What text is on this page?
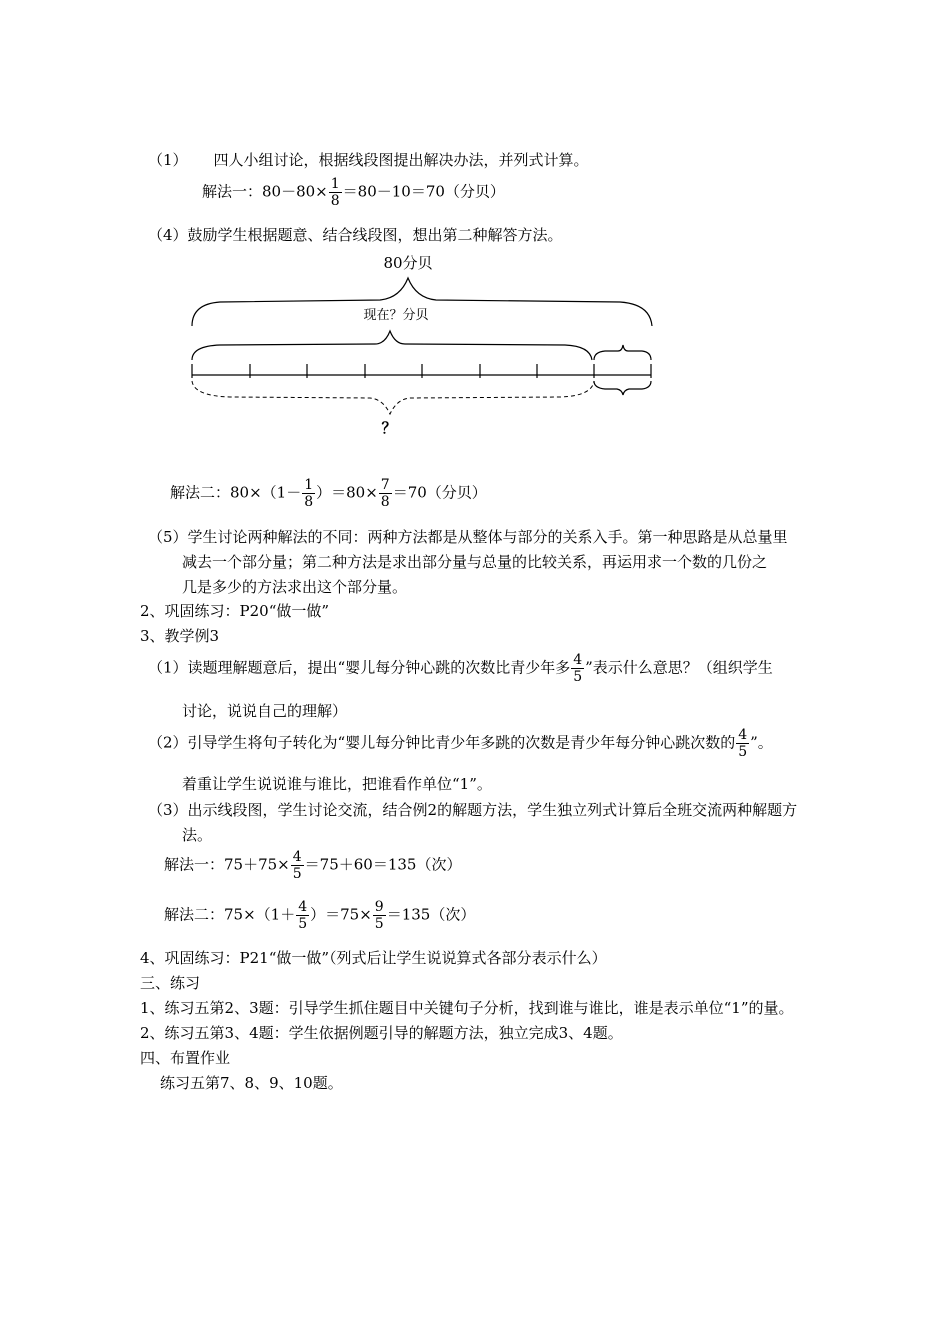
（1） 四人小组讨论，根据线段图提出解决办法，并列式计算。
解法一：$80-80\times \frac{1}{8} =80-10=70$（分贝）
（4）鼓励学生根据题意、结合线段图，想出第二种解答方法。
80分贝
现在？分贝
？
解法二：$80\times(1- \frac{1}{8} )=80\times \frac{7}{8} =70$（分贝）
（5）学生讨论两种解法的不同：两种方法都是从整体与部分的关系入手。第一种思路是从总量里
减去一个部分量；第二种方法是求出部分量与总量的比较关系，再运用求一个数的几份之
几是多少的方法求出这个部分量。
2、巩固练习：P20“做一做”
3、教学例3
（1）读题理解题意后，提出“婴儿每分钟心跳的次数比青少年多 $\frac{4}{5}$ ”表示什么意思？（组织学生
讨论，说说自己的理解）
（2）引导学生将句子转化为“婴儿每分钟比青少年多跳的次数是青少年每分钟心跳次数的 $\frac{4}{5}$ ”。
着重让学生说说谁与谁比，把谁看作单位“1”。
（3）出示线段图，学生讨论交流，结合例2的解题方法，学生独立列式计算后全班交流两种解题方
法。
解法一：$75+75\times \frac{4}{5} =75+60=135$（次）
解法二：$75\times(1+ \frac{4}{5} )=75\times \frac{9}{5} =135$（次）
4、巩固练习：P21“做一做”（列式后让学生说说算式各部分表示什么）
三、练习
1、练习五第2、3题：引导学生抓住题目中关键句子分析，找到谁与谁比，谁是表示单位“1”的量。
2、练习五第3、4题：学生依据例题引导的解题方法，独立完成3、4题。
四、布置作业
练习五第7、8、9、10题。
